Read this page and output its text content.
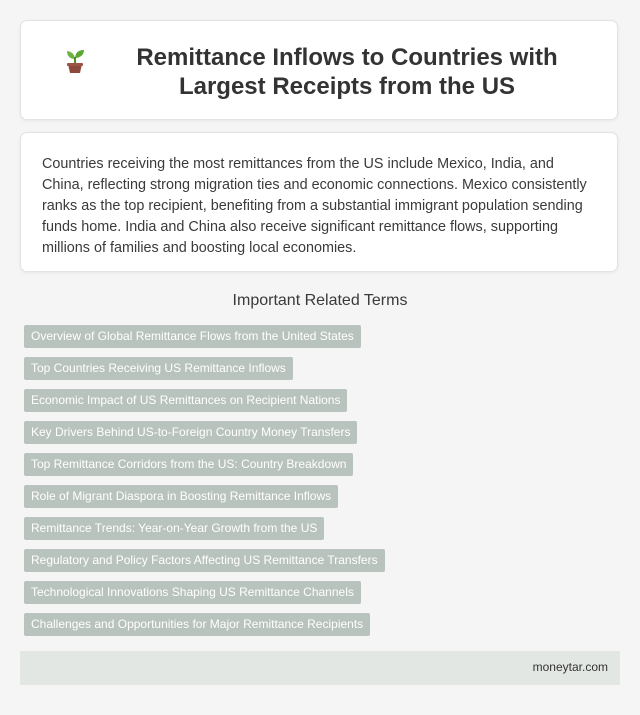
Remittance Inflows to Countries with Largest Receipts from the US

Countries receiving the most remittances from the US include Mexico, India, and China, reflecting strong migration ties and economic connections. Mexico consistently ranks as the top recipient, benefiting from a substantial immigrant population sending funds home. India and China also receive significant remittance flows, supporting millions of families and boosting local economies.

Important Related Terms
Overview of Global Remittance Flows from the United States
Top Countries Receiving US Remittance Inflows
Economic Impact of US Remittances on Recipient Nations
Key Drivers Behind US-to-Foreign Country Money Transfers
Top Remittance Corridors from the US: Country Breakdown
Role of Migrant Diaspora in Boosting Remittance Inflows
Remittance Trends: Year-on-Year Growth from the US
Regulatory and Policy Factors Affecting US Remittance Transfers
Technological Innovations Shaping US Remittance Channels
Challenges and Opportunities for Major Remittance Recipients
moneytar.com
